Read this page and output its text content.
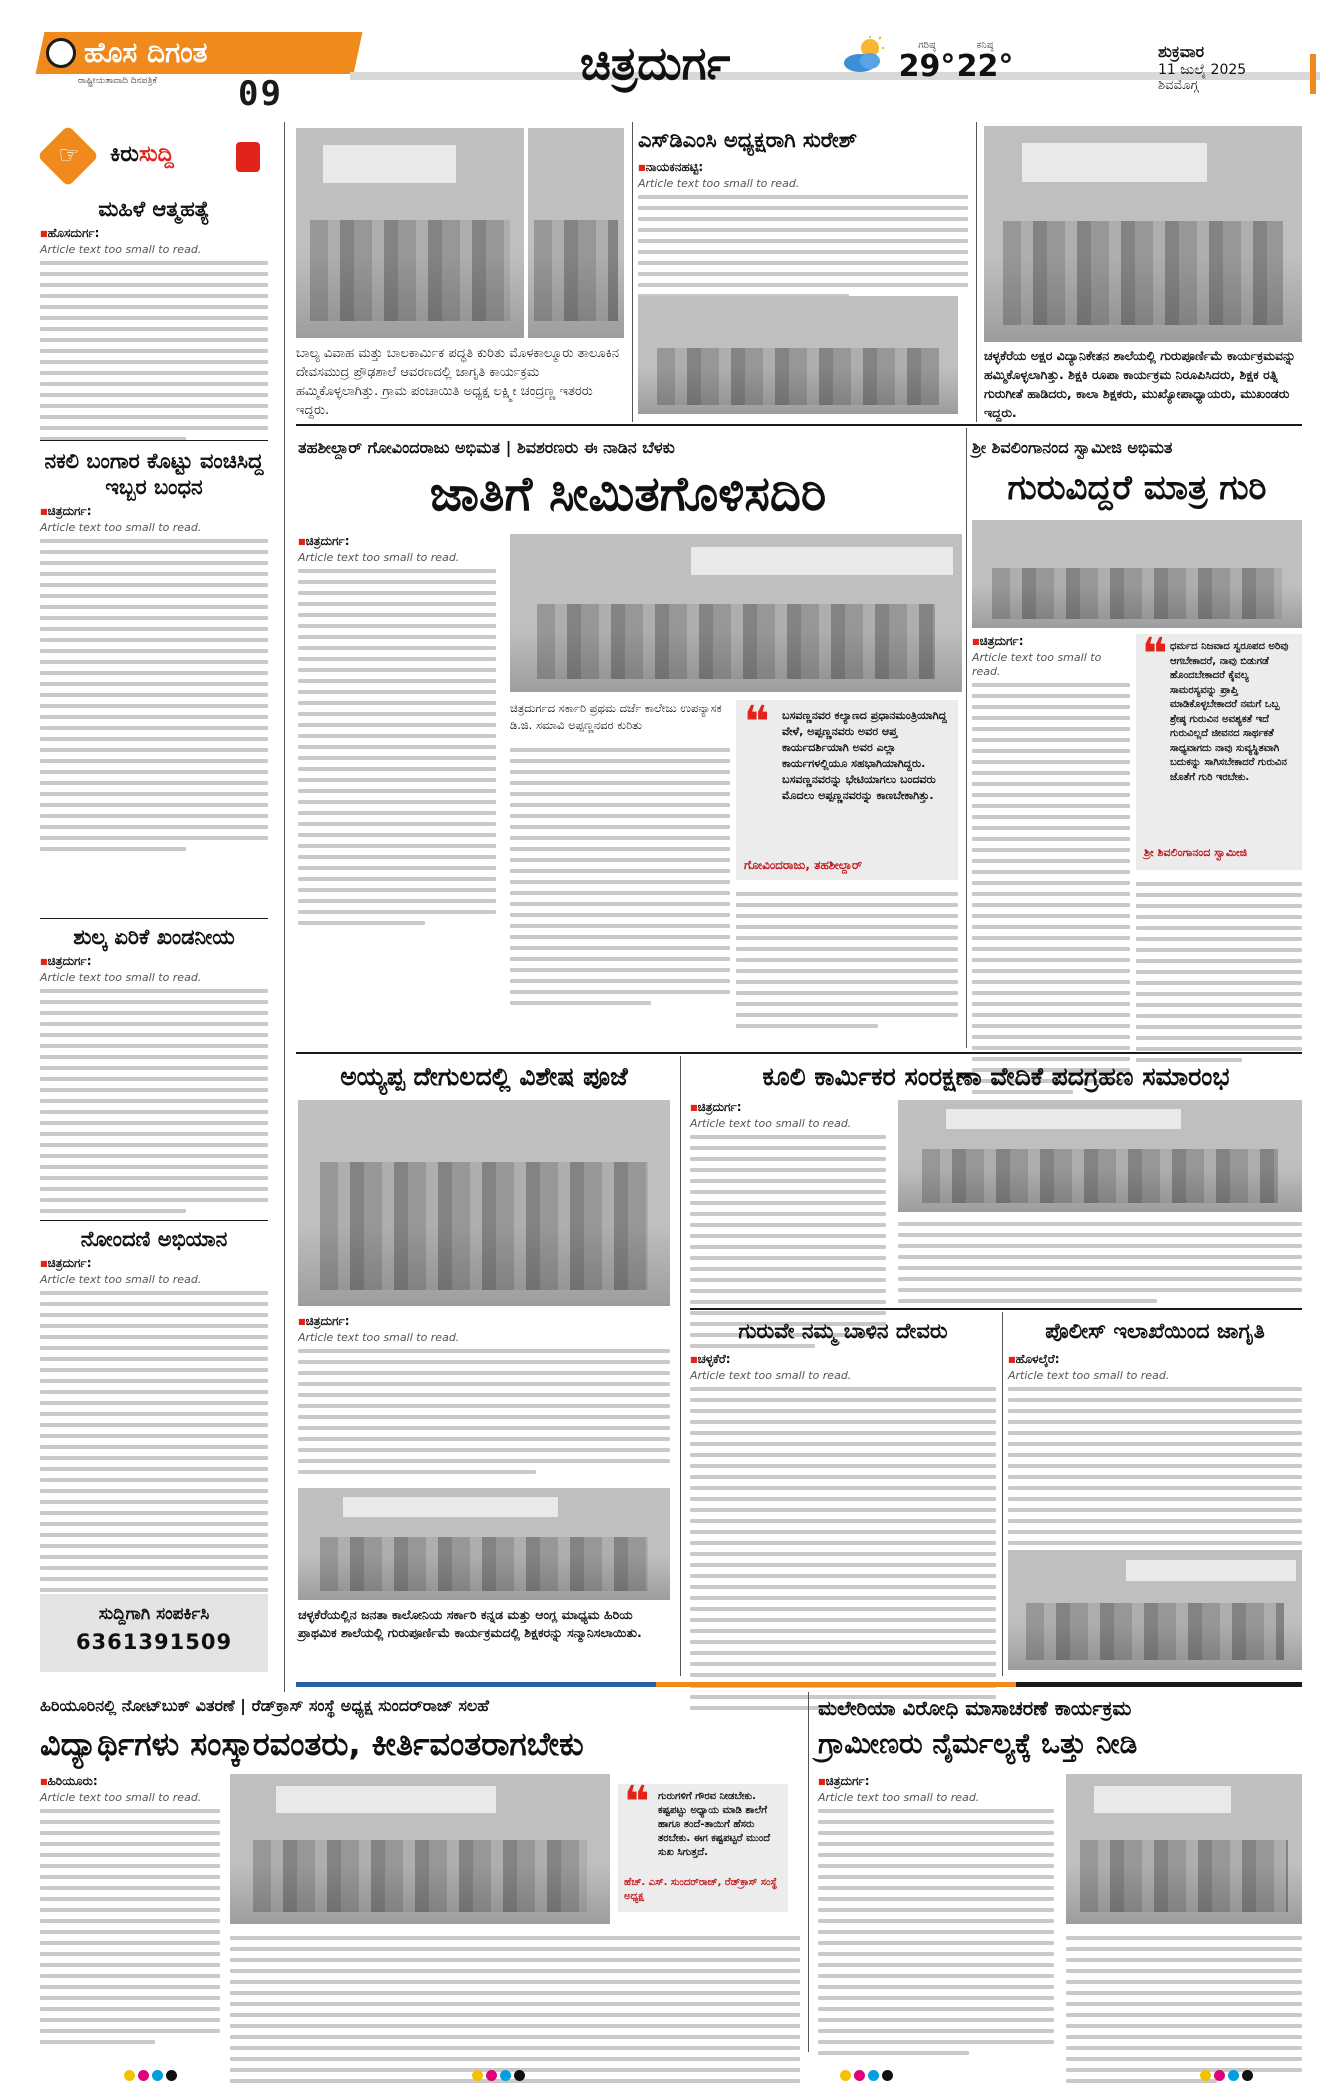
ಹೊಸ ದಿಗಂತ
ರಾಷ್ಟ್ರೀಯತಾವಾದಿ ದಿನಪತ್ರಿಕೆ 09
ಚಿತ್ರದುರ್ಗ	ಗರಿಷ್ಠ
29°
ಕನಿಷ್ಠ
22°	ಶುಕ್ರವಾರ
11 ಜುಲೈ 2025
ಶಿವಮೊಗ್ಗ
☞ ಕಿರುಸುದ್ದಿ
ಮಹಿಳೆ ಆತ್ಮಹತ್ಯೆ
■ ಹೊಸದುರ್ಗ:

Article text too small to read.

ನಕಲಿ ಬಂಗಾರ ಕೊಟ್ಟು ವಂಚಿಸಿದ್ದ ಇಬ್ಬರ ಬಂಧನ
■ ಚಿತ್ರದುರ್ಗ:

Article text too small to read.

ಶುಲ್ಕ ಏರಿಕೆ ಖಂಡನೀಯ
■ ಚಿತ್ರದುರ್ಗ:

Article text too small to read.

ನೋಂದಣಿ ಅಭಿಯಾನ
■ ಚಿತ್ರದುರ್ಗ:

Article text too small to read.

ಸುದ್ದಿಗಾಗಿ ಸಂಪರ್ಕಿಸಿ
6361391509
ಬಾಲ್ಯ ವಿವಾಹ ಮತ್ತು ಬಾಲಕಾರ್ಮಿಕ ಪದ್ಧತಿ ಕುರಿತು ಮೊಳಕಾಲ್ಮೂರು ತಾಲೂಕಿನ ದೇವಸಮುದ್ರ ಪ್ರೌಢಶಾಲೆ ಆವರಣದಲ್ಲಿ ಜಾಗೃತಿ ಕಾರ್ಯಕ್ರಮ ಹಮ್ಮಿಕೊಳ್ಳಲಾಗಿತ್ತು. ಗ್ರಾಮ ಪಂಚಾಯಿತಿ ಅಧ್ಯಕ್ಷ ಲಕ್ಷ್ಮೀ ಚಂದ್ರಣ್ಣ ಇತರರು ಇದ್ದರು.
ಎಸ್‌ಡಿಎಂಸಿ ಅಧ್ಯಕ್ಷರಾಗಿ ಸುರೇಶ್
■ ನಾಯಕನಹಟ್ಟಿ:

Article text too small to read.

ಚಳ್ಳಕೆರೆಯ ಅಕ್ಷರ ವಿದ್ಯಾನಿಕೇತನ ಶಾಲೆಯಲ್ಲಿ ಗುರುಪೂರ್ಣಿಮೆ ಕಾರ್ಯಕ್ರಮವನ್ನು ಹಮ್ಮಿಕೊಳ್ಳಲಾಗಿತ್ತು. ಶಿಕ್ಷಕಿ ರೂಪಾ ಕಾರ್ಯಕ್ರಮ ನಿರೂಪಿಸಿದರು, ಶಿಕ್ಷಕ ರತ್ನಿ ಗುರುಗೀತೆ ಹಾಡಿದರು, ಕಾಲಾ ಶಿಕ್ಷಕರು, ಮುಖ್ಯೋಪಾಧ್ಯಾಯರು, ಮುಖಂಡರು ಇದ್ದರು.
ತಹಶೀಲ್ದಾರ್ ಗೋವಿಂದರಾಜು ಅಭಿಮತ | ಶಿವಶರಣರು ಈ ನಾಡಿನ ಬೆಳಕು
ಜಾತಿಗೆ ಸೀಮಿತಗೊಳಿಸದಿರಿ
■ ಚಿತ್ರದುರ್ಗ:

Article text too small to read.

ಚಿತ್ರದುರ್ಗದ ಸರ್ಕಾರಿ ಪ್ರಥಮ ದರ್ಜೆ ಕಾಲೇಜು ಉಪನ್ಯಾಸಕ ಡಿ.ಜಿ. ಸಮಾವಿ ಅಪ್ಪಣ್ಣನವರ ಕುರಿತು	❝	ಬಸವಣ್ಣನವರ ಕಲ್ಯಾಣದ ಪ್ರಧಾನಮಂತ್ರಿಯಾಗಿದ್ದ ವೇಳೆ, ಅಪ್ಪಣ್ಣನವರು ಅವರ ಆಪ್ತ ಕಾರ್ಯದರ್ಶಿಯಾಗಿ ಅವರ ಎಲ್ಲಾ ಕಾರ್ಯಗಳಲ್ಲಿಯೂ ಸಹಭಾಗಿಯಾಗಿದ್ದರು. ಬಸವಣ್ಣನವರನ್ನು ಭೇಟಿಯಾಗಲು ಬಂದವರು ಮೊದಲು ಅಪ್ಪಣ್ಣನವರನ್ನು ಕಾಣಬೇಕಾಗಿತ್ತು.
ಗೋವಿಂದರಾಜು, ತಹಶೀಲ್ದಾರ್
ಶ್ರೀ ಶಿವಲಿಂಗಾನಂದ ಸ್ವಾಮೀಜಿ ಅಭಿಮತ
ಗುರುವಿದ್ದರೆ ಮಾತ್ರ ಗುರಿ
■ ಚಿತ್ರದುರ್ಗ:

Article text too small to read.	❝ ಧರ್ಮದ ನಿಜವಾದ ಸ್ವರೂಪದ ಅರಿವು ಆಗಬೇಕಾದರೆ, ನಾವು ಬಿಡುಗಡೆ ಹೊಂದಬೇಕಾದರೆ ಕೈವಲ್ಯ ಸಾಮರಸ್ಯವನ್ನು ಪ್ರಾಪ್ತಿ ಮಾಡಿಕೊಳ್ಳಬೇಕಾದರೆ ನಮಗೆ ಒಬ್ಬ ಶ್ರೇಷ್ಠ ಗುರುವಿನ ಅವಶ್ಯಕತೆ ಇದೆ ಗುರುವಿಲ್ಲದೆ ಜೀವನದ ಸಾರ್ಥಕತೆ ಸಾಧ್ಯವಾಗದು ನಾವು ಸುವ್ಯಸ್ಥಿತವಾಗಿ ಬದುಕನ್ನು ಸಾಗಿಸಬೇಕಾದರೆ ಗುರುವಿನ ಜೊತೆಗೆ ಗುರಿ ಇರಬೇಕು.
ಶ್ರೀ ಶಿವಲಿಂಗಾನಂದ ಸ್ವಾಮೀಜಿ
ಅಯ್ಯಪ್ಪ ದೇಗುಲದಲ್ಲಿ ವಿಶೇಷ ಪೂಜೆ
■ ಚಿತ್ರದುರ್ಗ:

Article text too small to read.

ಚಳ್ಳಕೆರೆಯಲ್ಲಿನ ಜನತಾ ಕಾಲೋನಿಯ ಸರ್ಕಾರಿ ಕನ್ನಡ ಮತ್ತು ಆಂಗ್ಲ ಮಾಧ್ಯಮ ಹಿರಿಯ ಪ್ರಾಥಮಿಕ ಶಾಲೆಯಲ್ಲಿ ಗುರುಪೂರ್ಣಿಮೆ ಕಾರ್ಯಕ್ರಮದಲ್ಲಿ ಶಿಕ್ಷಕರನ್ನು ಸನ್ಮಾನಿಸಲಾಯಿತು.
ಕೂಲಿ ಕಾರ್ಮಿಕರ ಸಂರಕ್ಷಣಾ ವೇದಿಕೆ ಪದಗ್ರಹಣ ಸಮಾರಂಭ
■ ಚಿತ್ರದುರ್ಗ:

Article text too small to read.

ಗುರುವೇ ನಮ್ಮ ಬಾಳಿನ ದೇವರು
■ ಚಳ್ಳಕೆರೆ:

Article text too small to read.

ಪೊಲೀಸ್ ಇಲಾಖೆಯಿಂದ ಜಾಗೃತಿ
■ ಹೊಳಲ್ಕೆರೆ:

Article text too small to read.

ಹಿರಿಯೂರಿನಲ್ಲಿ ನೋಟ್‌ಬುಕ್ ವಿತರಣೆ | ರೆಡ್‌ಕ್ರಾಸ್ ಸಂಸ್ಥೆ ಅಧ್ಯಕ್ಷ ಸುಂದರ್‌ರಾಜ್ ಸಲಹೆ
ವಿದ್ಯಾರ್ಥಿಗಳು ಸಂಸ್ಕಾರವಂತರು, ಕೀರ್ತಿವಂತರಾಗಬೇಕು
■ ಹಿರಿಯೂರು:

Article text too small to read.	❝ ಗುರುಗಳಿಗೆ ಗೌರವ ನೀಡಬೇಕು. ಕಷ್ಟಪಟ್ಟು ಅಧ್ಯಾಯ ಮಾಡಿ ಶಾಲೆಗೆ ಹಾಗೂ ತಂದೆ-ತಾಯಿಗೆ ಹೆಸರು ತರಬೇಕು. ಈಗ ಕಷ್ಟಪಟ್ಟರೆ ಮುಂದೆ ಸುಖ ಸಿಗುತ್ತದೆ.
ಹೆಚ್. ಎಸ್. ಸುಂದರ್‌ರಾಜ್, ರೆಡ್‌ಕ್ರಾಸ್ ಸಂಸ್ಥೆ ಅಧ್ಯಕ್ಷ
ಮಲೇರಿಯಾ ವಿರೋಧಿ ಮಾಸಾಚರಣೆ ಕಾರ್ಯಕ್ರಮ
ಗ್ರಾಮೀಣರು ನೈರ್ಮಲ್ಯಕ್ಕೆ ಒತ್ತು ನೀಡಿ
■ ಚಿತ್ರದುರ್ಗ:

Article text too small to read.
